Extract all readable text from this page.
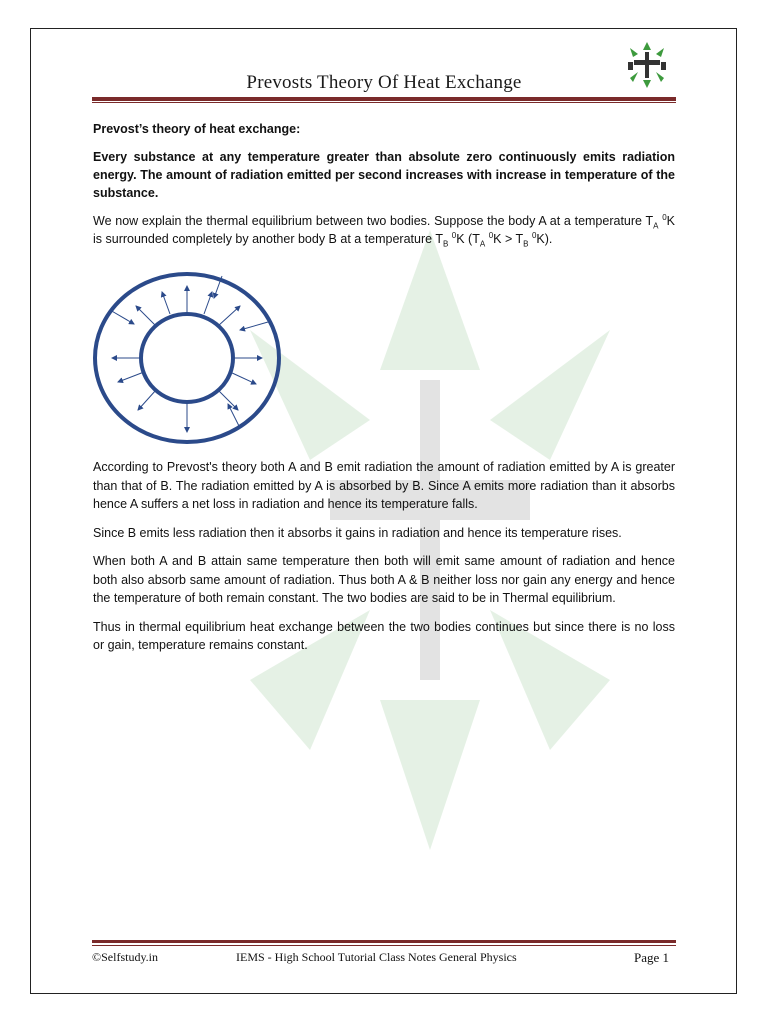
Prevosts Theory Of Heat Exchange

Prevost’s theory of heat exchange:

Every substance at any temperature greater than absolute zero continuously emits radiation energy. The amount of radiation emitted per second increases with increase in temperature of the substance.

We now explain the thermal equilibrium between two bodies. Suppose the body A at a temperature $T_A$ $^0$K is surrounded completely by another body B at a temperature $T_B$ $^0$K ($T_A$ $^0K > T_B$ $^0$K).

According to Prevost's theory both A and B emit radiation the amount of radiation emitted by A is greater than that of B. The radiation emitted by A is absorbed by B. Since A emits more radiation than it absorbs hence A suffers a net loss in radiation and hence its temperature falls.

Since B emits less radiation then it absorbs it gains in radiation and hence its temperature rises.

When both A and B attain same temperature then both will emit same amount of radiation and hence both also absorb same amount of radiation. Thus both A & B neither loss nor gain any energy and hence the temperature of both remain constant. The two bodies are said to be in Thermal equilibrium.

Thus in thermal equilibrium heat exchange between the two bodies continues but since there is no loss or gain, temperature remains constant.

©Selfstudy.in	IEMS - High School Tutorial Class Notes General Physics	Page 1
